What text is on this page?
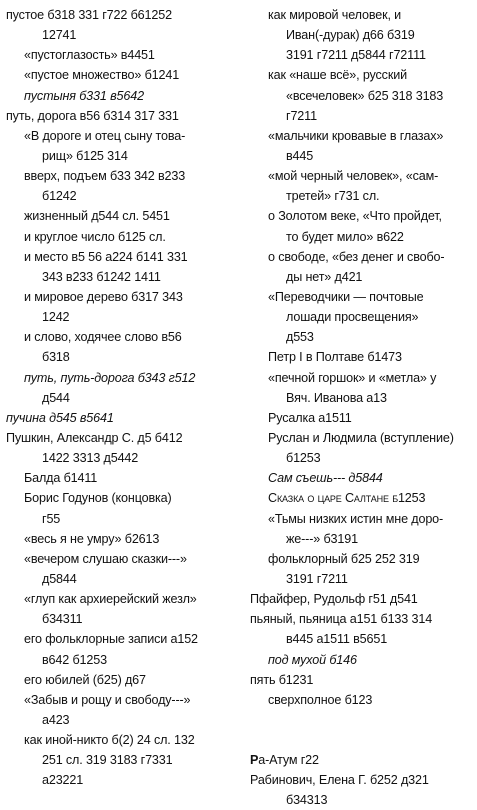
пустое б318 331 г722 б61252
12741
«пустоглазость» в4451
«пустое множество» б1241
пустыня б331 в5642
путь, дорога в56 б314 317 331
«В дороге и отец сыну това-
рищ» б125 314
вверх, подъем б33 342 в233
б1242
жизненный д544 сл. 5451
и круглое число б125 сл.
и место в5 56 а224 б141 331
343 в233 б1242 1411
и мировое дерево б317 343
1242
и слово, ходячее слово в56
б318
путь, путь-дорога б343 г512
д544
пучина д545 в5641
Пушкин, Александр С. д5 б412
1422 3313 д5442
Балда б1411
Борис Годунов (концовка)
г55
«весь я не умру» б2613
«вечером слушаю сказки---»
д5844
«глуп как архиерейский жезл»
б34311
его фольклорные записи а152
в642 б1253
его юбилей (б25) д67
«Забыв и рощу и свободу---»
а423
как иной-никто б(2) 24 сл. 132
251 сл. 319 3183 г7331
а23221
как мировой человек, и
Иван(-дурак) д66 б319
3191 г7211 д5844 г72111
как «наше всё», русский
«всечеловек» б25 318 3183
г7211
«мальчики кровавые в глазах»
в445
«мой черный человек», «сам-
третей» г731 сл.
о Золотом веке, «Что пройдет,
то будет мило» в622
о свободе, «без денег и свобо-
ды нет» д421
«Переводчики — почтовые
лошади просвещения»
д553
Петр I в Полтаве б1473
«печной горшок» и «метла» у
Вяч. Иванова а13
Русалка а1511
Руслан и Людмила (вступление)
б1253
Сам съешь--- д5844
Сказка о царе Салтане б1253
«Тьмы низких истин мне доро-
же---» б3191
фольклорный б25 252 319
3191 г7211
Пфайфер, Рудольф г51 д541
пьяный, пьяница а151 б133 314
в445 а1511 в5651
под мухой б146
пять б1231
сверхполное б123
Ра-Атум г22
Рабинович, Елена Г. б252 д321
б34313
